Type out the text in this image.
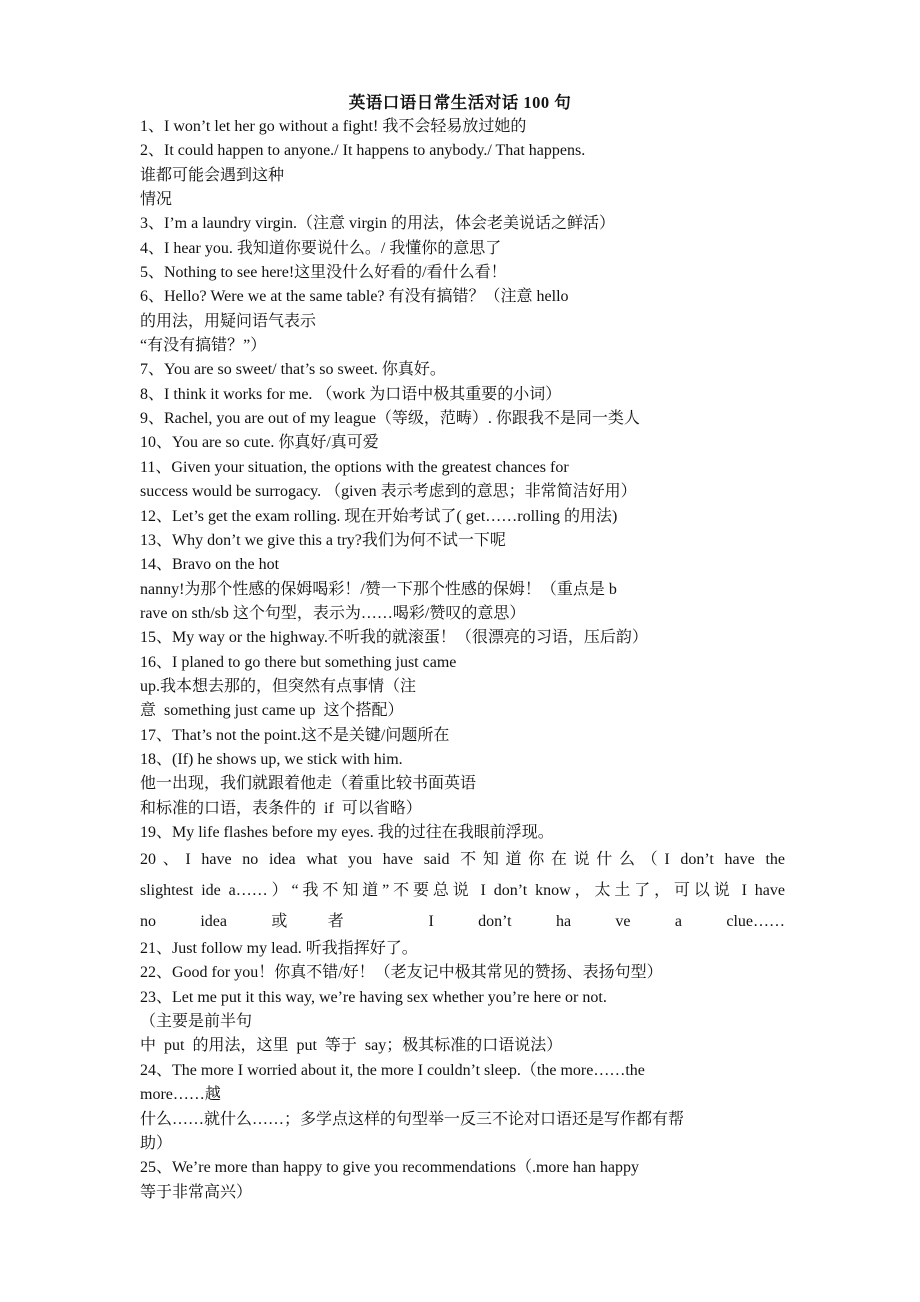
英语口语日常生活对话 100 句
1、I won’t let her go without a fight! 我不会轻易放过她的
2、It could happen to anyone./ It happens to anybody./ That happens.
谁都可能会遇到这种
情况
3、I’m a laundry virgin.（注意 virgin 的用法，体会老美说话之鲜活）
4、I hear you. 我知道你要说什么。/ 我懂你的意思了
5、Nothing to see here!这里没什么好看的/看什么看！
6、Hello? Were we at the same table? 有没有搞错？（注意 hello
的用法，用疑问语气表示
“有没有搞错？”）
7、You are so sweet/ that’s so sweet. 你真好。
8、I think it works for me. （work 为口语中极其重要的小词）
9、Rachel, you are out of my league（等级，范畴）. 你跟我不是同一类人
10、You are so cute. 你真好/真可爱
11、Given your situation, the options with the greatest chances for
success would be surrogacy. （given 表示考虑到的意思；非常简洁好用）
12、Let’s get the exam rolling. 现在开始考试了( get……rolling 的用法)
13、Why don’t we give this a try?我们为何不试一下呢
14、Bravo on the hot
nanny!为那个性感的保姆喝彩！/赞一下那个性感的保姆！（重点是 b
rave on sth/sb 这个句型，表示为……喝彩/赞叹的意思）
15、My way or the highway.不听我的就滚蛋！（很漂亮的习语，压后韵）
16、I planed to go there but something just came
up.我本想去那的，但突然有点事情（注
意  something just came up  这个搭配）
17、That’s not the point.这不是关键/问题所在
18、(If) he shows up, we stick with him.
他一出现，我们就跟着他走（着重比较书面英语
和标准的口语，表条件的  if  可以省略）
19、My life flashes before my eyes. 我的过往在我眼前浮现。
20、I have no idea what you have said 不知道你在说什么（I don’t have the
slightest ide a……）“我不知道”不要总说 I don’t know，太土了，可以说 I have
no idea 或者 I don’t ha ve a clue……
21、Just follow my lead. 听我指挥好了。
22、Good for you！你真不错/好！（老友记中极其常见的赞扬、表扬句型）
23、Let me put it this way, we’re having sex whether you’re here or not.
（主要是前半句
中  put  的用法，这里  put  等于  say；极其标准的口语说法）
24、The more I worried about it, the more I couldn’t sleep.（the more……the
more……越
什么……就什么……；多学点这样的句型举一反三不论对口语还是写作都有帮
助）
25、We’re more than happy to give you recommendations（.more han happy
等于非常高兴）
